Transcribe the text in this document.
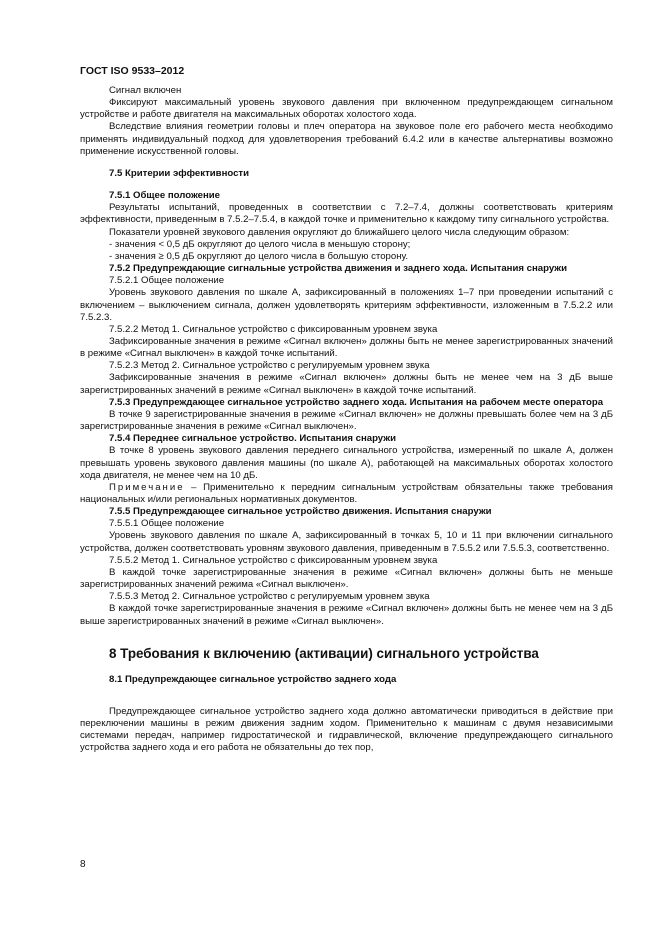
ГОСТ ISO 9533–2012

Сигнал включен

Фиксируют максимальный уровень звукового давления при включенном предупреждающем сигнальном устройстве и работе двигателя на максимальных оборотах холостого хода.

Вследствие влияния геометрии головы и плеч оператора на звуковое поле его рабочего места необходимо применять индивидуальный подход для удовлетворения требований 6.4.2 или в качестве альтернативы возможно применение искусственной головы.

7.5 Критерии эффективности

7.5.1 Общее положение

Результаты испытаний, проведенных в соответствии с 7.2–7.4, должны соответствовать критериям эффективности, приведенным в 7.5.2–7.5.4, в каждой точке и применительно к каждому типу сигнального устройства.

Показатели уровней звукового давления округляют до ближайшего целого числа следующим образом:

- значения < 0,5 дБ округляют до целого числа в меньшую сторону;

- значения ≥ 0,5 дБ округляют до целого числа в большую сторону.

7.5.2 Предупреждающие сигнальные устройства движения и заднего хода. Испытания снаружи

7.5.2.1 Общее положение

Уровень звукового давления по шкале A, зафиксированный в положениях 1–7 при проведении испытаний с включением – выключением сигнала, должен удовлетворять критериям эффективности, изложенным в 7.5.2.2 или 7.5.2.3.

7.5.2.2 Метод 1. Сигнальное устройство с фиксированным уровнем звука

Зафиксированные значения в режиме «Сигнал включен» должны быть не менее зарегистрированных значений в режиме «Сигнал выключен» в каждой точке испытаний.

7.5.2.3 Метод 2. Сигнальное устройство с регулируемым уровнем звука

Зафиксированные значения в режиме «Сигнал включен» должны быть не менее чем на 3 дБ выше зарегистрированных значений в режиме «Сигнал выключен» в каждой точке испытаний.

7.5.3 Предупреждающее сигнальное устройство заднего хода. Испытания на рабочем месте оператора

В точке 9 зарегистрированные значения в режиме «Сигнал включен» не должны превышать более чем на 3 дБ зарегистрированные значения в режиме «Сигнал выключен».

7.5.4 Переднее сигнальное устройство. Испытания снаружи

В точке 8 уровень звукового давления переднего сигнального устройства, измеренный по шкале A, должен превышать уровень звукового давления машины (по шкале A), работающей на максимальных оборотах холостого хода двигателя, не менее чем на 10 дБ.

Примечание – Применительно к передним сигнальным устройствам обязательны также требования национальных и/или региональных нормативных документов.

7.5.5 Предупреждающее сигнальное устройство движения. Испытания снаружи

7.5.5.1 Общее положение

Уровень звукового давления по шкале A, зафиксированный в точках 5, 10 и 11 при включении сигнального устройства, должен соответствовать уровням звукового давления, приведенным в 7.5.5.2 или 7.5.5.3, соответственно.

7.5.5.2 Метод 1. Сигнальное устройство с фиксированным уровнем звука

В каждой точке зарегистрированные значения в режиме «Сигнал включен» должны быть не меньше зарегистрированных значений режима «Сигнал выключен».

7.5.5.3 Метод 2. Сигнальное устройство с регулируемым уровнем звука

В каждой точке зарегистрированные значения в режиме «Сигнал включен» должны быть не менее чем на 3 дБ выше зарегистрированных значений в режиме «Сигнал выключен».

8 Требования к включению (активации) сигнального устройства

8.1 Предупреждающее сигнальное устройство заднего хода

Предупреждающее сигнальное устройство заднего хода должно автоматически приводиться в действие при переключении машины в режим движения задним ходом. Применительно к машинам с двумя независимыми системами передач, например гидростатической и гидравлической, включение предупреждающего сигнального устройства заднего хода и его работа не обязательны до тех пор,

8
